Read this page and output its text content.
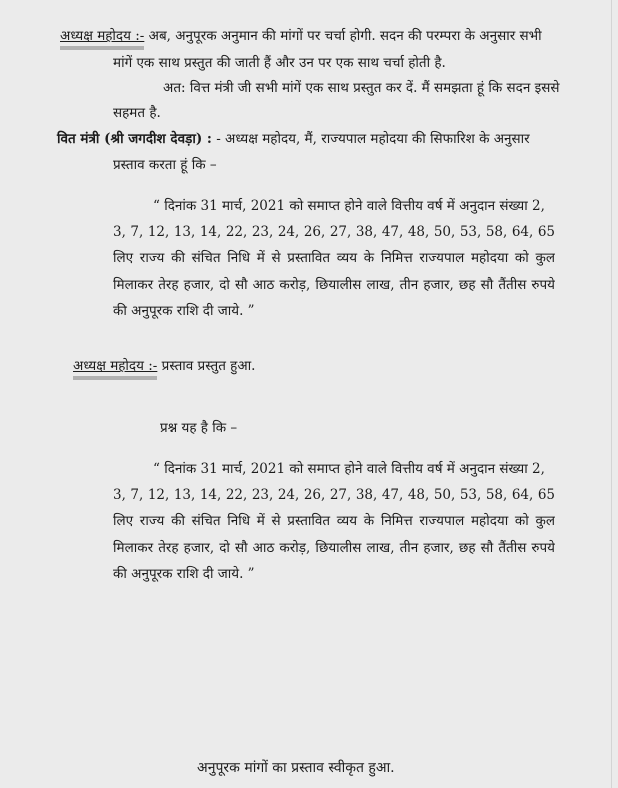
अध्यक्ष महोदय :- अब, अनुपूरक अनुमान की मांगों पर चर्चा होगी. सदन की परम्परा के अनुसार सभी
मांगें एक साथ प्रस्तुत की जाती हैं और उन पर एक साथ चर्चा होती है.
अत: वित्त मंत्री जी सभी मांगें एक साथ प्रस्तुत कर दें. मैं समझता हूं कि सदन इससे
सहमत है.
वित मंत्री (श्री जगदीश देवड़ा) : - अध्यक्ष महोदय, मैं, राज्यपाल महोदया की सिफारिश के अनुसार
प्रस्ताव करता हूं कि –
“ दिनांक 31 मार्च, 2021 को समाप्त होने वाले वित्तीय वर्ष में अनुदान संख्या 2,
3, 7, 12, 13, 14, 22, 23, 24, 26, 27, 38, 47, 48, 50, 53, 58, 64, 65
लिए राज्य की संचित निधि में से प्रस्तावित व्यय के निमित्त राज्यपाल महोदया को कुल
मिलाकर तेरह हजार, दो सौ आठ करोड़, छियालीस लाख, तीन हजार, छह सौ तैंतीस रुपये
की अनुपूरक राशि दी जाये. ”
अध्यक्ष महोदय :- प्रस्ताव प्रस्तुत हुआ.
प्रश्न यह है कि –
“ दिनांक 31 मार्च, 2021 को समाप्त होने वाले वित्तीय वर्ष में अनुदान संख्या 2,
3, 7, 12, 13, 14, 22, 23, 24, 26, 27, 38, 47, 48, 50, 53, 58, 64, 65
लिए राज्य की संचित निधि में से प्रस्तावित व्यय के निमित्त राज्यपाल महोदया को कुल
मिलाकर तेरह हजार, दो सौ आठ करोड़, छियालीस लाख, तीन हजार, छह सौ तैंतीस रुपये
की अनुपूरक राशि दी जाये. ”
अनुपूरक मांगों का प्रस्ताव स्वीकृत हुआ.
